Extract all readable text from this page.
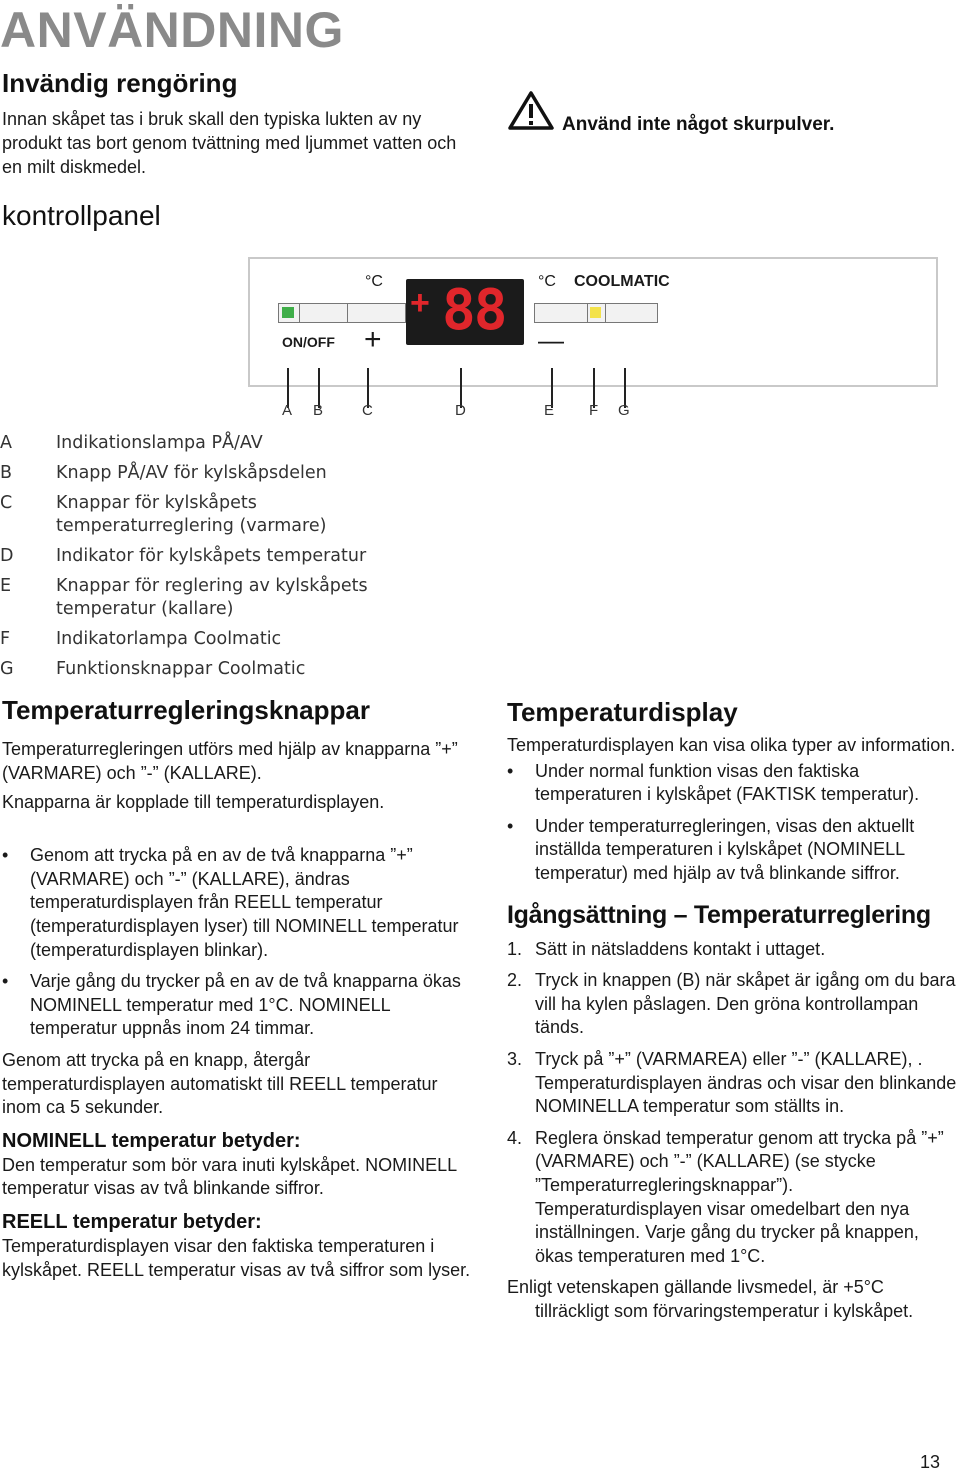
ANVÄNDNING
Invändig rengöring

Innan skåpet tas i bruk skall den typiska lukten av ny produkt tas bort genom tvättning med ljummet vatten och en milt diskmedel.

Använd inte något skurpulver.
kontrollpanel
°C	°C COOLMATIC
ON/OFF +
+ 88 —
A B	C	D	E F G
A	Indikationslampa PÅ/AV
B	Knapp PÅ/AV för kylskåpsdelen
C	Knappar för kylskåpets temperaturreglering (varmare)
D	Indikator för kylskåpets temperatur
E	Knappar för reglering av kylskåpets temperatur (kallare)
F	Indikatorlampa Coolmatic
G	Funktionsknappar Coolmatic
Temperaturregleringsknappar

Temperaturregleringen utförs med hjälp av knapparna ”+” (VARMARE) och ”-” (KALLARE).

Knapparna är kopplade till temperaturdisplayen.

• Genom att trycka på en av de två knapparna ”+” (VARMARE) och ”-” (KALLARE), ändras temperaturdisplayen från REELL temperatur (temperaturdisplayen lyser) till NOMINELL temperatur (temperaturdisplayen blinkar).
• Varje gång du trycker på en av de två knapparna ökas NOMINELL temperatur med 1°C. NOMINELL temperatur uppnås inom 24 timmar.

Genom att trycka på en knapp, återgår temperaturdisplayen automatiskt till REELL temperatur inom ca 5 sekunder.

NOMINELL temperatur betyder:

Den temperatur som bör vara inuti kylskåpet. NOMINELL temperatur visas av två blinkande siffror.

REELL temperatur betyder:

Temperaturdisplayen visar den faktiska temperaturen i kylskåpet. REELL temperatur visas av två siffror som lyser.

Temperaturdisplay

Temperaturdisplayen kan visa olika typer av information.

• Under normal funktion visas den faktiska temperaturen i kylskåpet (FAKTISK temperatur).
• Under temperaturregleringen, visas den aktuellt inställda temperaturen i kylskåpet (NOMINELL temperatur) med hjälp av två blinkande siffror.
Igångsättning – Temperaturreglering
1. Sätt in nätsladdens kontakt i uttaget.
2. Tryck in knappen (B) när skåpet är igång om du bara vill ha kylen påslagen. Den gröna kontrollampan tänds.
3. Tryck på ”+” (VARMAREA) eller ”-” (KALLARE), . Temperaturdisplayen ändras och visar den blinkande NOMINELLA temperatur som ställts in.
4. Reglera önskad temperatur genom att trycka på ”+” (VARMARE) och ”-” (KALLARE) (se stycke ”Temperaturregleringsknappar”). Temperaturdisplayen visar omedelbart den nya inställningen. Varje gång du trycker på knappen, ökas temperaturen med 1°C.

Enligt vetenskapen gällande livsmedel, är +5°C tillräckligt som förvaringstemperatur i kylskåpet.

13
